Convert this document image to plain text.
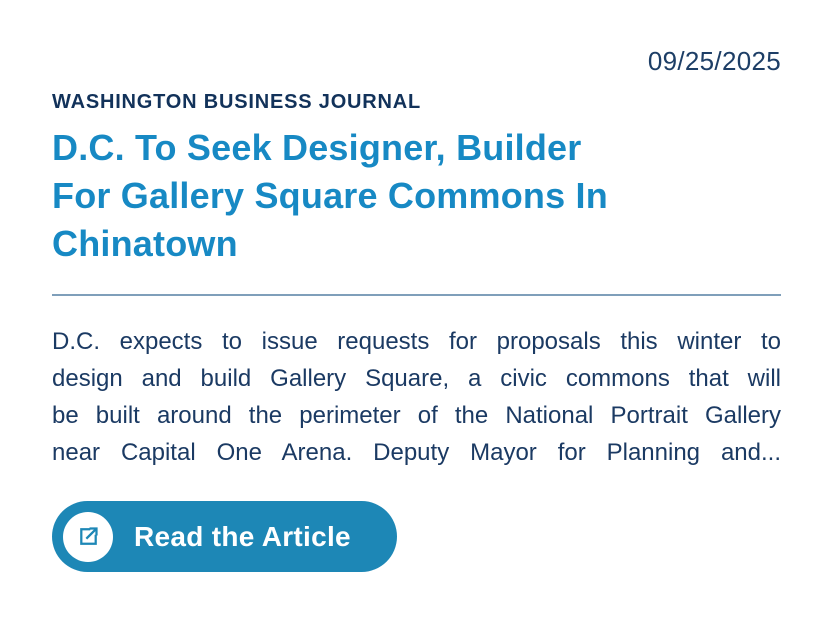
09/25/2025
WASHINGTON BUSINESS JOURNAL
D.C. To Seek Designer, Builder
For Gallery Square Commons In
Chinatown
D.C. expects to issue requests for proposals this winter to
design and build Gallery Square, a civic commons that will
be built around the perimeter of the National Portrait Gallery
near Capital One Arena. Deputy Mayor for Planning and...
Read the Article
